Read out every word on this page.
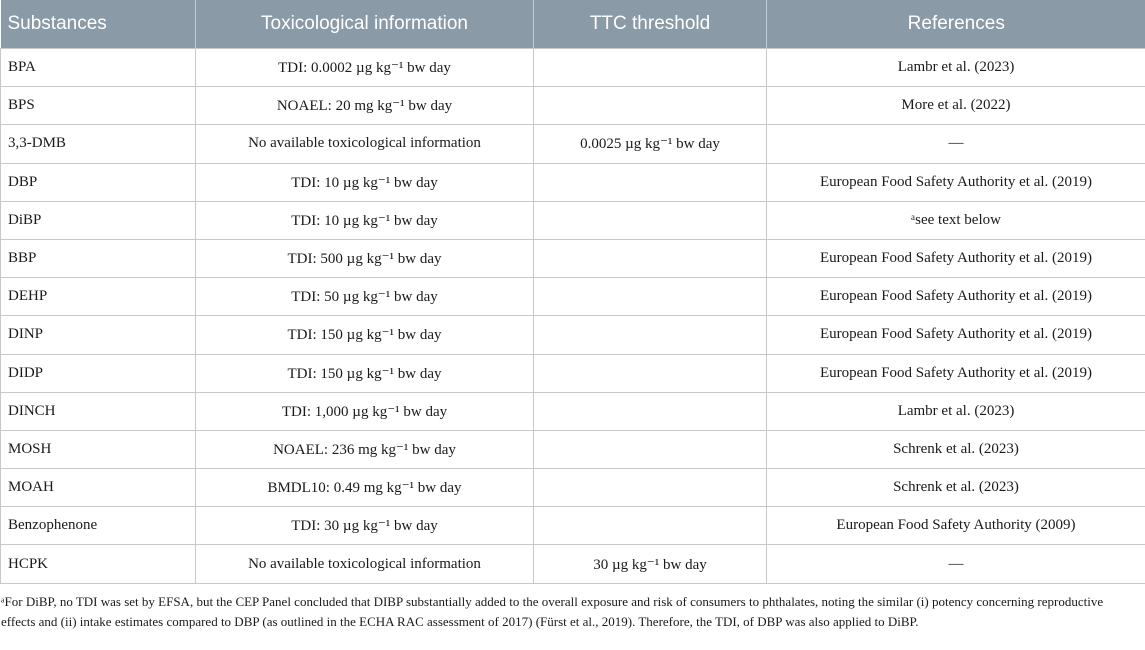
Substances	Toxicological information	TTC threshold	References
BPA	TDI: 0.0002 µg kg⁻¹ bw day		Lambr et al. (2023)
BPS	NOAEL: 20 mg kg⁻¹ bw day		More et al. (2022)
3,3-DMB	No available toxicological information	0.0025 µg kg⁻¹ bw day	—
DBP	TDI: 10 µg kg⁻¹ bw day		European Food Safety Authority et al. (2019)
DiBP	TDI: 10 µg kg⁻¹ bw day		ᵃsee text below
BBP	TDI: 500 µg kg⁻¹ bw day		European Food Safety Authority et al. (2019)
DEHP	TDI: 50 µg kg⁻¹ bw day		European Food Safety Authority et al. (2019)
DINP	TDI: 150 µg kg⁻¹ bw day		European Food Safety Authority et al. (2019)
DIDP	TDI: 150 µg kg⁻¹ bw day		European Food Safety Authority et al. (2019)
DINCH	TDI: 1,000 µg kg⁻¹ bw day		Lambr et al. (2023)
MOSH	NOAEL: 236 mg kg⁻¹ bw day		Schrenk et al. (2023)
MOAH	BMDL10: 0.49 mg kg⁻¹ bw day		Schrenk et al. (2023)
Benzophenone	TDI: 30 µg kg⁻¹ bw day		European Food Safety Authority (2009)
HCPK	No available toxicological information	30 µg kg⁻¹ bw day	—
ᵃFor DiBP, no TDI was set by EFSA, but the CEP Panel concluded that DIBP substantially added to the overall exposure and risk of consumers to phthalates, noting the similar (i) potency concerning reproductive effects and (ii) intake estimates compared to DBP (as outlined in the ECHA RAC assessment of 2017) (Fürst et al., 2019). Therefore, the TDI, of DBP was also applied to DiBP.
